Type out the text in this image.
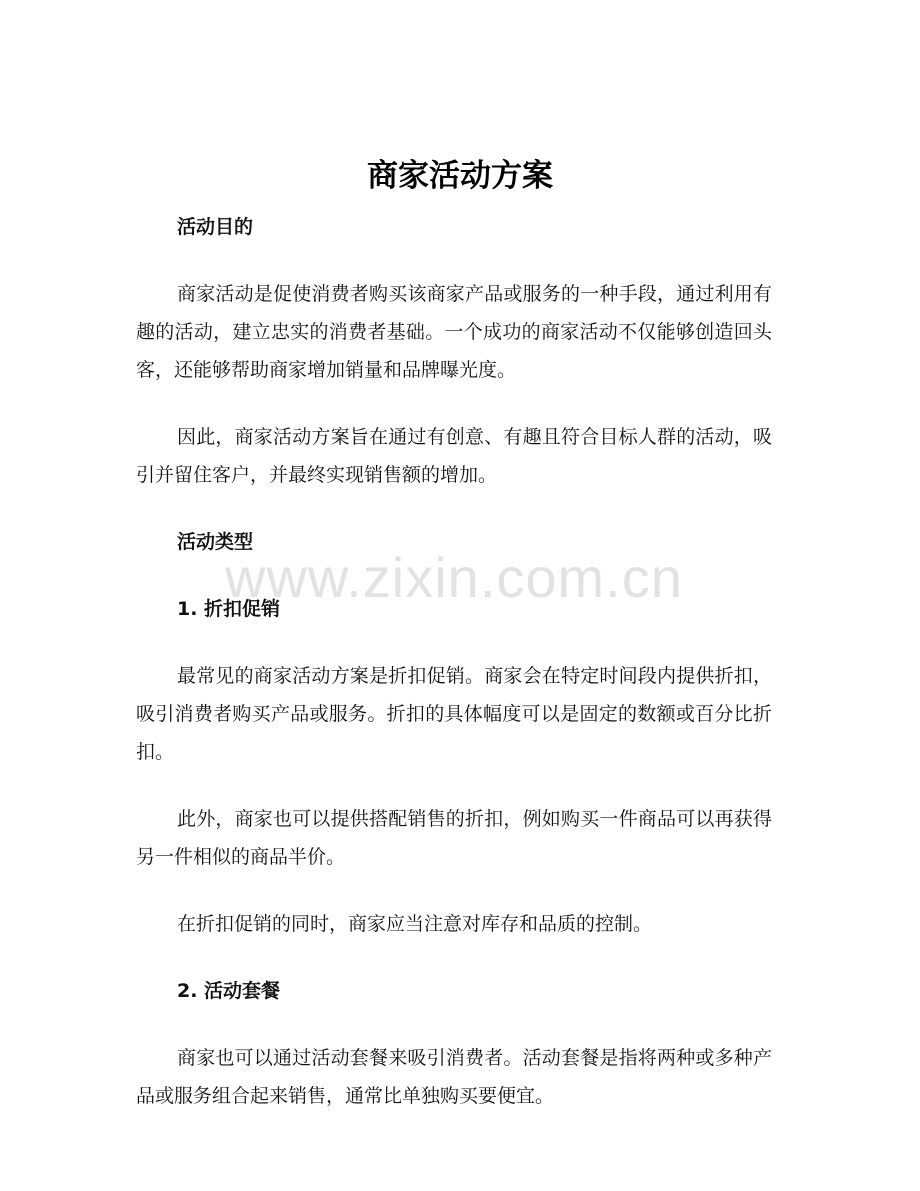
商家活动方案

活动目的

商家活动是促使消费者购买该商家产品或服务的一种手段，通过利用有趣的活动，建立忠实的消费者基础。一个成功的商家活动不仅能够创造回头客，还能够帮助商家增加销量和品牌曝光度。

因此，商家活动方案旨在通过有创意、有趣且符合目标人群的活动，吸引并留住客户，并最终实现销售额的增加。

活动类型

1. 折扣促销

最常见的商家活动方案是折扣促销。商家会在特定时间段内提供折扣，吸引消费者购买产品或服务。折扣的具体幅度可以是固定的数额或百分比折扣。

此外，商家也可以提供搭配销售的折扣，例如购买一件商品可以再获得另一件相似的商品半价。

在折扣促销的同时，商家应当注意对库存和品质的控制。

2. 活动套餐

商家也可以通过活动套餐来吸引消费者。活动套餐是指将两种或多种产品或服务组合起来销售，通常比单独购买要便宜。

www.zixin.com.cn
